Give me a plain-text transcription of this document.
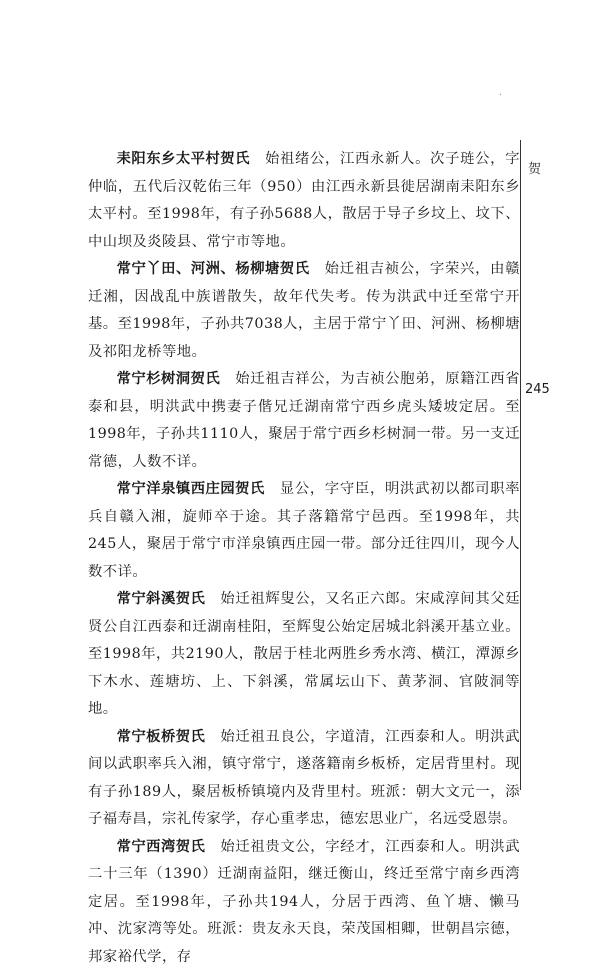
·

耒阳东乡太平村贺氏　 始祖绪公，江西永新人。次子琏公，字仲临，五代后汉乾佑三年（950）由江西永新县徙居湖南耒阳东乡太平村。至1998年，有子孙5688人，散居于导子乡坟上、坟下、中山坝及炎陵县、常宁市等地。

常宁丫田、河洲、杨柳塘贺氏　 始迁祖吉祯公，字荣兴，由赣迁湘，因战乱中族谱散失，故年代失考。传为洪武中迁至常宁开基。至1998年，子孙共7038人，主居于常宁丫田、河洲、杨柳塘及祁阳龙桥等地。

常宁杉树洞贺氏　 始迁祖吉祥公，为吉祯公胞弟，原籍江西省泰和县，明洪武中携妻子偕兄迁湖南常宁西乡虎头矮坡定居。至1998年，子孙共1110人，聚居于常宁西乡杉树洞一带。另一支迁常德，人数不详。

常宁洋泉镇西庄园贺氏　 显公，字守臣，明洪武初以都司职率兵自赣入湘，旋师卒于途。其子落籍常宁邑西。至1998年，共245人，聚居于常宁市洋泉镇西庄园一带。部分迁往四川，现今人数不详。

常宁斜溪贺氏　 始迁祖辉叟公，又名正六郎。宋咸淳间其父廷贤公自江西泰和迁湖南桂阳，至辉叟公始定居城北斜溪开基立业。至1998年，共2190人，散居于桂北两胜乡秀水湾、横江，潭源乡下木水、莲塘坊、上、下斜溪，常属坛山下、黄茅洞、官陂洞等地。

常宁板桥贺氏　 始迁祖丑良公，字道清，江西泰和人。明洪武间以武职率兵入湘，镇守常宁，遂落籍南乡板桥，定居背里村。现有子孙189人，聚居板桥镇境内及背里村。班派：朝大文元一，添子福寿昌，宗礼传家学，存心重孝忠，德宏思业广，名远受恩崇。

常宁西湾贺氏　 始迁祖贵文公，字经才，江西泰和人。明洪武二十三年（1390）迁湖南益阳，继迁衡山，终迁至常宁南乡西湾定居。至1998年，子孙共194人，分居于西湾、鱼丫塘、懒马冲、沈家湾等处。班派：贵友永天良，荣茂国相卿，世朝昌宗德，邦家裕代学，存

贺
245
